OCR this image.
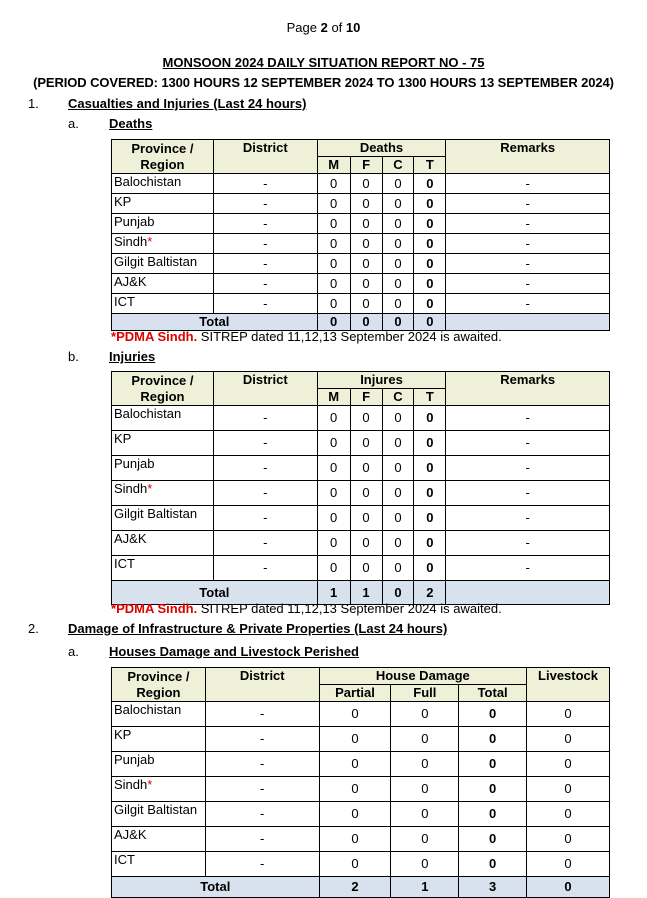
Page 2 of 10
MONSOON 2024 DAILY SITUATION REPORT NO - 75
(PERIOD COVERED: 1300 HOURS 12 SEPTEMBER 2024 TO 1300 HOURS 13 SEPTEMBER 2024)
1. Casualties and Injuries (Last 24 hours)
a. Deaths
Province /
Region	District	Deaths				Remarks
		M	F	C	T	
Balochistan	-	0	0	0	0	-
KP	-	0	0	0	0	-
Punjab	-	0	0	0	0	-
Sindh*	-	0	0	0	0	-
Gilgit Baltistan	-	0	0	0	0	-
AJ&K	-	0	0	0	0	-
ICT	-	0	0	0	0	-
Total		0	0	0	0	
*PDMA Sindh. SITREP dated 11,12,13 September 2024 is awaited.
b. Injuries
Province /
Region	District	Injures				Remarks
		M	F	C	T	
Balochistan	-	0	0	0	0	-
KP	-	0	0	0	0	-
Punjab	-	0	0	0	0	-
Sindh*	-	0	0	0	0	-
Gilgit Baltistan	-	0	0	0	0	-
AJ&K	-	0	0	0	0	-
ICT	-	0	0	0	0	-
Total		1	1	0	2	
*PDMA Sindh. SITREP dated 11,12,13 September 2024 is awaited.
2. Damage of Infrastructure & Private Properties (Last 24 hours)
a. Houses Damage and Livestock Perished
Province /
Region	District	House Damage			Livestock
		Partial	Full	Total	
Balochistan	-	0	0	0	0
KP	-	0	0	0	0
Punjab	-	0	0	0	0
Sindh*	-	0	0	0	0
Gilgit Baltistan	-	0	0	0	0
AJ&K	-	0	0	0	0
ICT	-	0	0	0	0
Total		2	1	3	0
